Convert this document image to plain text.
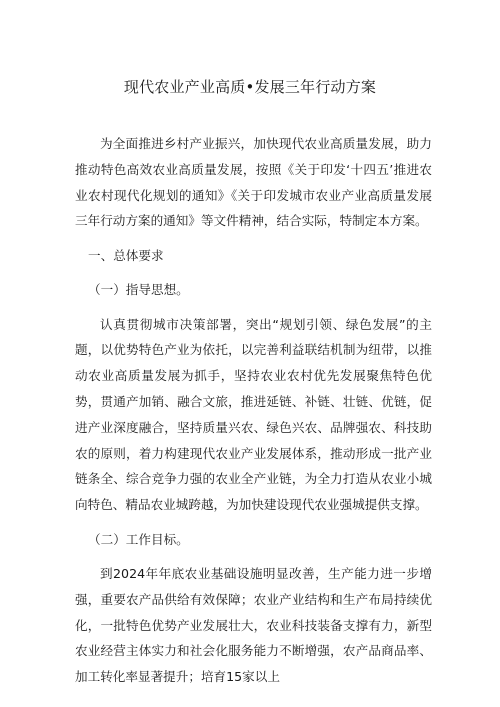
现代农业产业高质•发展三年行动方案

为全面推进乡村产业振兴，加快现代农业高质量发展，助力推动特色高效农业高质量发展，按照《关于印发‘十四五’推进农业农村现代化规划的通知》《关于印发城市农业产业高质量发展三年行动方案的通知》等文件精神，结合实际，特制定本方案。

一、总体要求

（一）指导思想。

认真贯彻城市决策部署，突出“规划引领、绿色发展”的主题，以优势特色产业为依托，以完善利益联结机制为纽带，以推动农业高质量发展为抓手，坚持农业农村优先发展聚焦特色优势，贯通产加销、融合文旅，推进延链、补链、壮链、优链，促进产业深度融合，坚持质量兴农、绿色兴农、品牌强农、科技助农的原则，着力构建现代农业产业发展体系，推动形成一批产业链条全、综合竞争力强的农业全产业链，为全力打造从农业小城向特色、精品农业城跨越，为加快建设现代农业强城提供支撑。

（二）工作目标。

到2024年年底农业基础设施明显改善，生产能力进一步增强，重要农产品供给有效保障；农业产业结构和生产布局持续优化，一批特色优势产业发展壮大，农业科技装备支撑有力，新型农业经营主体实力和社会化服务能力不断增强，农产品商品率、加工转化率显著提升；培育15家以上
